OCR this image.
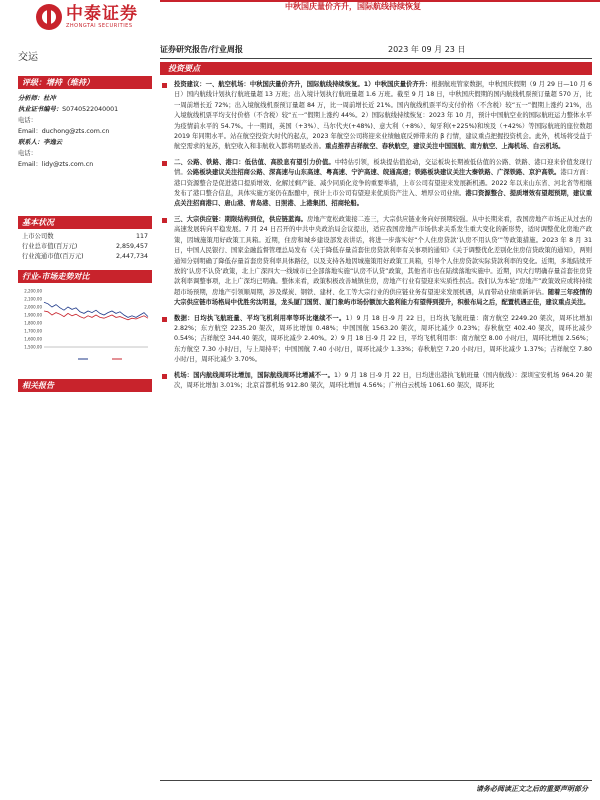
中秋国庆量价齐升，国际航线持续恢复
中泰证券
ZHONGTAI SECURITIES
交运
证券研究报告/行业周报	2023 年 09 月 23 日
评级：增持（维持）
分析师：杜冲
执业证书编号：S0740522040001
电话：
Email：duchong@zts.com.cn
联系人：李逸云
电话：
Email：lidy@zts.com.cn
基本状况
上市公司数	117
行业总市值(百万元)	2,859,457
行业流通市值(百万元)	2,447,734
行业-市场走势对比
2,200.00
2,100.00
2,000.00
1,900.00
1,800.00
1,700.00
1,600.00
1,500.00
相关报告
投资要点
投资建议：一、航空机场：中秋国庆量价齐升，国际航线持续恢复。1）中秋国庆量价齐升：根据航班管家数据，中秋国庆假期（9 月 29 日—10 月 6 日）国内航线计划执行航班量超 13 万班；出入境计划执行航班量超 1.6 万班。截至 9 月 18 日，中秋国庆假期的国内航线机票预订量超 570 万，比一周前增长近 72%；出入境航线机票预订量超 84 万，比一周前增长近 21%。国内航线机票平均支付价格（不含税）较“五一”假期上涨约 21%，出入境航线机票平均支付价格（不含税）较“五一”假期上涨约 44%。2）国际航线持续恢复：2023 年 10 月，预计中国航空业的国际航班运力整体水平为疫情前水平的 54.7%。十一期间，英国（+3%）、马尔代夫(+48%)、意大利（+8%）、匈牙利(+225%)和埃及（+42%）等国际航班的座位数超 2019 年同期水平。站在航空投资大时代的起点，2023 年航空公司将迎来业绩触底反弹带来的 β 行情，建议重点把握投资机会。此外，机场将受益于航空需求的复苏，航空收入和非航收入都将明显改善。重点推荐吉祥航空、春秋航空，建议关注中国国航、南方航空、上海机场、白云机场。
二、公路、铁路、港口：低估值、高股息有望引力价值。中特估引领，板块提估值抢动，交运板块长期被低估值的公路、铁路、港口迎来价值发现行情。公路板块建议关注招商公路、深高速与山东高速、粤高速、宁沪高速、皖通高速；铁路板块建议关注大秦铁路、广深铁路、京沪高铁。港口方面：港口资源整合是促进港口提质增效、化解过剩产能、减少同质化竞争的重要举措，上市公司有望迎来发展新机遇。2022 年以来山东省、河北省等相继发布了港口整合信息，具体实施方案仍在酝酿中，预计上市公司有望迎来优质资产注入、增厚公司业绩。港口资源整合、提质增效有望超预期，建议重点关注招商港口、唐山港、青岛港、日照港、上港集团、招商轮船。
三、大宗供应链：期限结构到位，供应链蓝海。房地产宽松政策接二连三，大宗供应链业务向好预期较强。从中长期来看，我国房地产市场正从过去的高速发展转向平稳发展。7 月 24 日召开的中共中央政治局会议提出，适应我国房地产市场供求关系发生重大变化的新形势，适时调整优化房地产政策，因城施策用好政策工具箱。近期，住房和城乡建设部发表讲话，将进一步落实好“个人住房贷款‘认房不用认贷’”等政策措施。2023 年 8 月 31 日，中国人民银行、国家金融监督管理总局发布《关于降低存量首套住房贷款利率有关事项的通知》《关于调整优化差别化住房信贷政策的通知》，两则通知分别明确了降低存量首套房贷利率具体路径，以及支持各地因城施策用好政策工具箱，引导个人住房贷款实际贷款利率的变化。近期，多地陆续开放的‘认房不认贷’政策，北上广深四大一线城市已全部落地实施“认房不认贷”政策，其他省市也在陆续落地实施中。近期，四大行明确存量首套住房贷款利率调整事项，北上广深均已明确。整体来看，政策积极改善城镇住房，房地产行业有望迎来实质性拐点。我们认为本轮“房地产”政策效应或将持续超市场预期，房地产引领顺周期，涉及煤炭、钢铁、建材、化工等大宗行业的供应链业务有望迎来发展机遇，从而带动业绩重新评估。随着三年疫情的大宗供应链市场格局中优胜劣汰明显，龙头厦门国贸、厦门象屿市场份额加大盈利能力有望得到提升，积极布局之后，配置机遇正佳，建议重点关注。
数据：日均执飞航班量、平均飞机利用率等环比继续不一。1）9 月 18 日-9 月 22 日，日均执飞航班量：南方航空 2249.20 架次，周环比增加 2.82%；东方航空 2235.20 架次，周环比增加 0.48%；中国国航 1563.20 架次，周环比减少 0.23%；春秋航空 402.40 架次，周环比减少 0.54%；吉祥航空 344.40 架次，周环比减少 2.40%。2）9 月 18 日-9 月 22 日，平均飞机利用率：南方航空 8.00 小时/日，周环比增加 2.56%；东方航空 7.30 小时/日，与上周持平；中国国航 7.40 小时/日，周环比减少 1.33%；春秋航空 7.20 小时/日，周环比减少 1.37%；吉祥航空 7.80 小时/日，周环比减少 3.70%。
机场：国内航线周环比增加，国际航线周环比增减不一。1）9 月 18 日-9 月 22 日，日均进出港执飞航班量（国内航线）：深圳宝安机场 964.20 架次，周环比增加 3.01%；北京首都机场 912.80 架次，周环比增加 4.56%；广州白云机场 1061.60 架次，周环比
请务必阅读正文之后的重要声明部分
